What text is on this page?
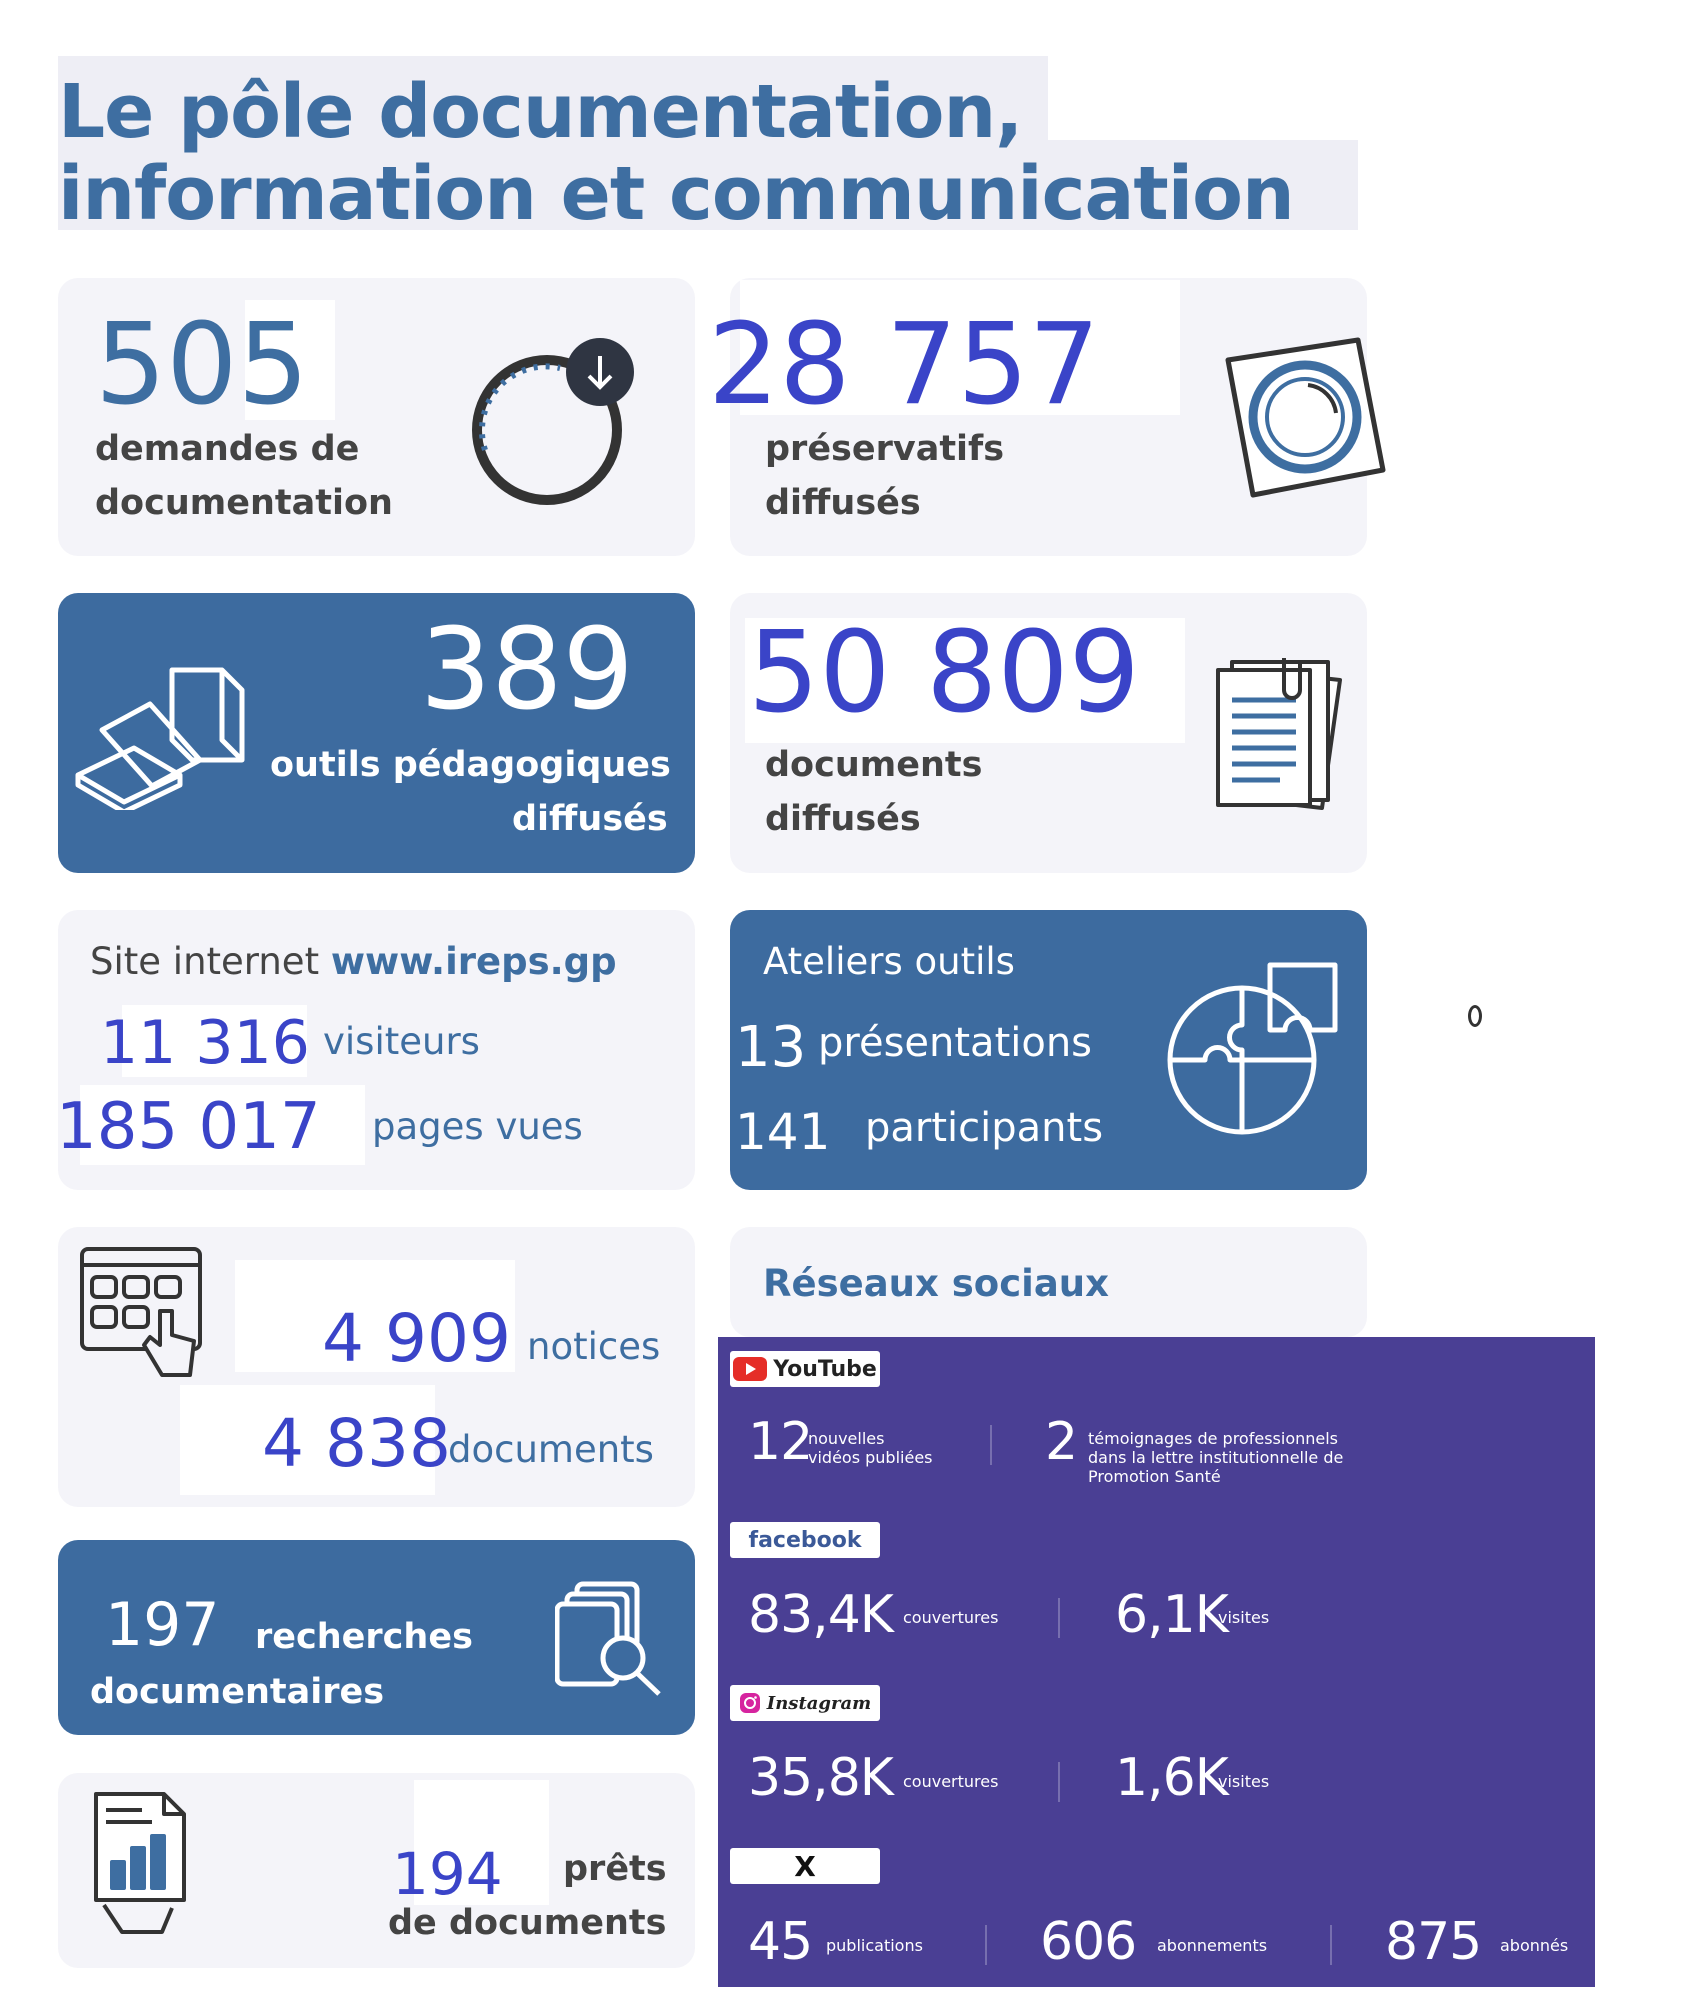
Le pôle documentation,
information et communication
505
demandes de
documentation
28 757
préservatifs
diffusés
389
outils pédagogiques
diffusés
50 809
documents
diffusés
Site internet www.ireps.gp
11 316 visiteurs
185 017 pages vues
Ateliers outils
13 présentations
141 participants
4 909 notices
4 838
documents
197 recherches
documentaires
194 prêts
de documents
Réseaux sociaux
YouTube
12
nouvelles
vidéos publiées 2 témoignages de professionnels
dans la lettre institutionnelle de
Promotion Santé
facebook
83,4K couvertures 6,1K
visites
Instagram
35,8K couvertures 1,6K
visites
X
45 publications 606 abonnements 875 abonnés
